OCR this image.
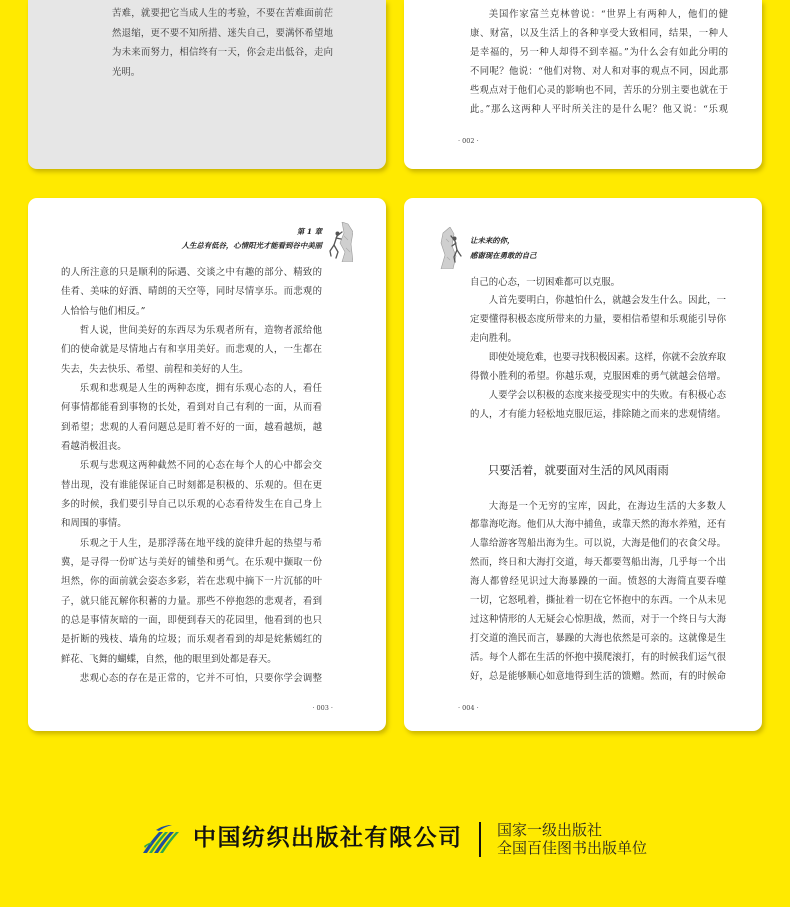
苦难，就要把它当成人生的考验，不要在苦难面前茫
然退缩，更不要不知所措、迷失自己，要满怀希望地
为未来而努力，相信终有一天，你会走出低谷，走向
光明。
美国作家富兰克林曾说：“世界上有两种人，他们的健
康、财富，以及生活上的各种享受大致相同，结果，一种人
是幸福的，另一种人却得不到幸福。”为什么会有如此分明的
不同呢？他说：“他们对物、对人和对事的观点不同，因此那
些观点对于他们心灵的影响也不同，苦乐的分别主要也就在于
此。”那么这两种人平时所关注的是什么呢？他又说：“乐观
· 002 ·
第 1 章
人生总有低谷，心情阳光才能看到谷中美丽
的人所注意的只是顺利的际遇、交谈之中有趣的部分、精致的
佳肴、美味的好酒、晴朗的天空等，同时尽情享乐。而悲观的
人恰恰与他们相反。”
哲人说，世间美好的东西尽为乐观者所有，造物者派给他
们的使命就是尽情地占有和享用美好。而悲观的人，一生都在
失去，失去快乐、希望、前程和美好的人生。
乐观和悲观是人生的两种态度，拥有乐观心态的人，看任
何事情都能看到事物的长处，看到对自己有利的一面，从而看
到希望；悲观的人看问题总是盯着不好的一面，越看越烦，越
看越消极沮丧。
乐观与悲观这两种截然不同的心态在每个人的心中都会交
替出现，没有谁能保证自己时刻都是积极的、乐观的。但在更
多的时候，我们要引导自己以乐观的心态看待发生在自己身上
和周围的事情。
乐观之于人生，是那浮荡在地平线的旋律升起的热望与希
冀，是寻得一份旷达与美好的铺垫和勇气。在乐观中撷取一份
坦然，你的面前就会姿态多彩，若在悲观中摘下一片沉郁的叶
子，就只能瓦解你积蓄的力量。那些不停抱怨的悲观者，看到
的总是事情灰暗的一面，即便到春天的花园里，他看到的也只
是折断的残枝、墙角的垃圾；而乐观者看到的却是姹紫嫣红的
鲜花、飞舞的蝴蝶，自然，他的眼里到处都是春天。
悲观心态的存在是正常的，它并不可怕，只要你学会调整
· 003 ·
让未来的你，
感谢现在勇敢的自己
自己的心态，一切困难都可以克服。
人首先要明白，你越怕什么，就越会发生什么。因此，一
定要懂得积极态度所带来的力量，要相信希望和乐观能引导你
走向胜利。
即使处境危难，也要寻找积极因素。这样，你就不会放弃取
得微小胜利的希望。你越乐观，克服困难的勇气就越会倍增。
人要学会以积极的态度来接受现实中的失败。有积极心态
的人，才有能力轻松地克服厄运，排除随之而来的悲观情绪。
只要活着，就要面对生活的风风雨雨
大海是一个无穷的宝库，因此，在海边生活的大多数人
都靠海吃海。他们从大海中捕鱼，或靠天然的海水养殖，还有
人靠给游客驾船出海为生。可以说，大海是他们的衣食父母。
然而，终日和大海打交道，每天都要驾船出海，几乎每一个出
海人都曾经见识过大海暴躁的一面。愤怒的大海简直要吞噬
一切，它怒吼着，撕扯着一切在它怀抱中的东西。一个从未见
过这种情形的人无疑会心惊胆战，然而，对于一个终日与大海
打交道的渔民而言，暴躁的大海也依然是可亲的。这就像是生
活。每个人都在生活的怀抱中摸爬滚打，有的时候我们运气很
好，总是能够顺心如意地得到生活的馈赠。然而，有的时候命
· 004 ·
中国纺织出版社有限公司 国家一级出版社
全国百佳图书出版单位
